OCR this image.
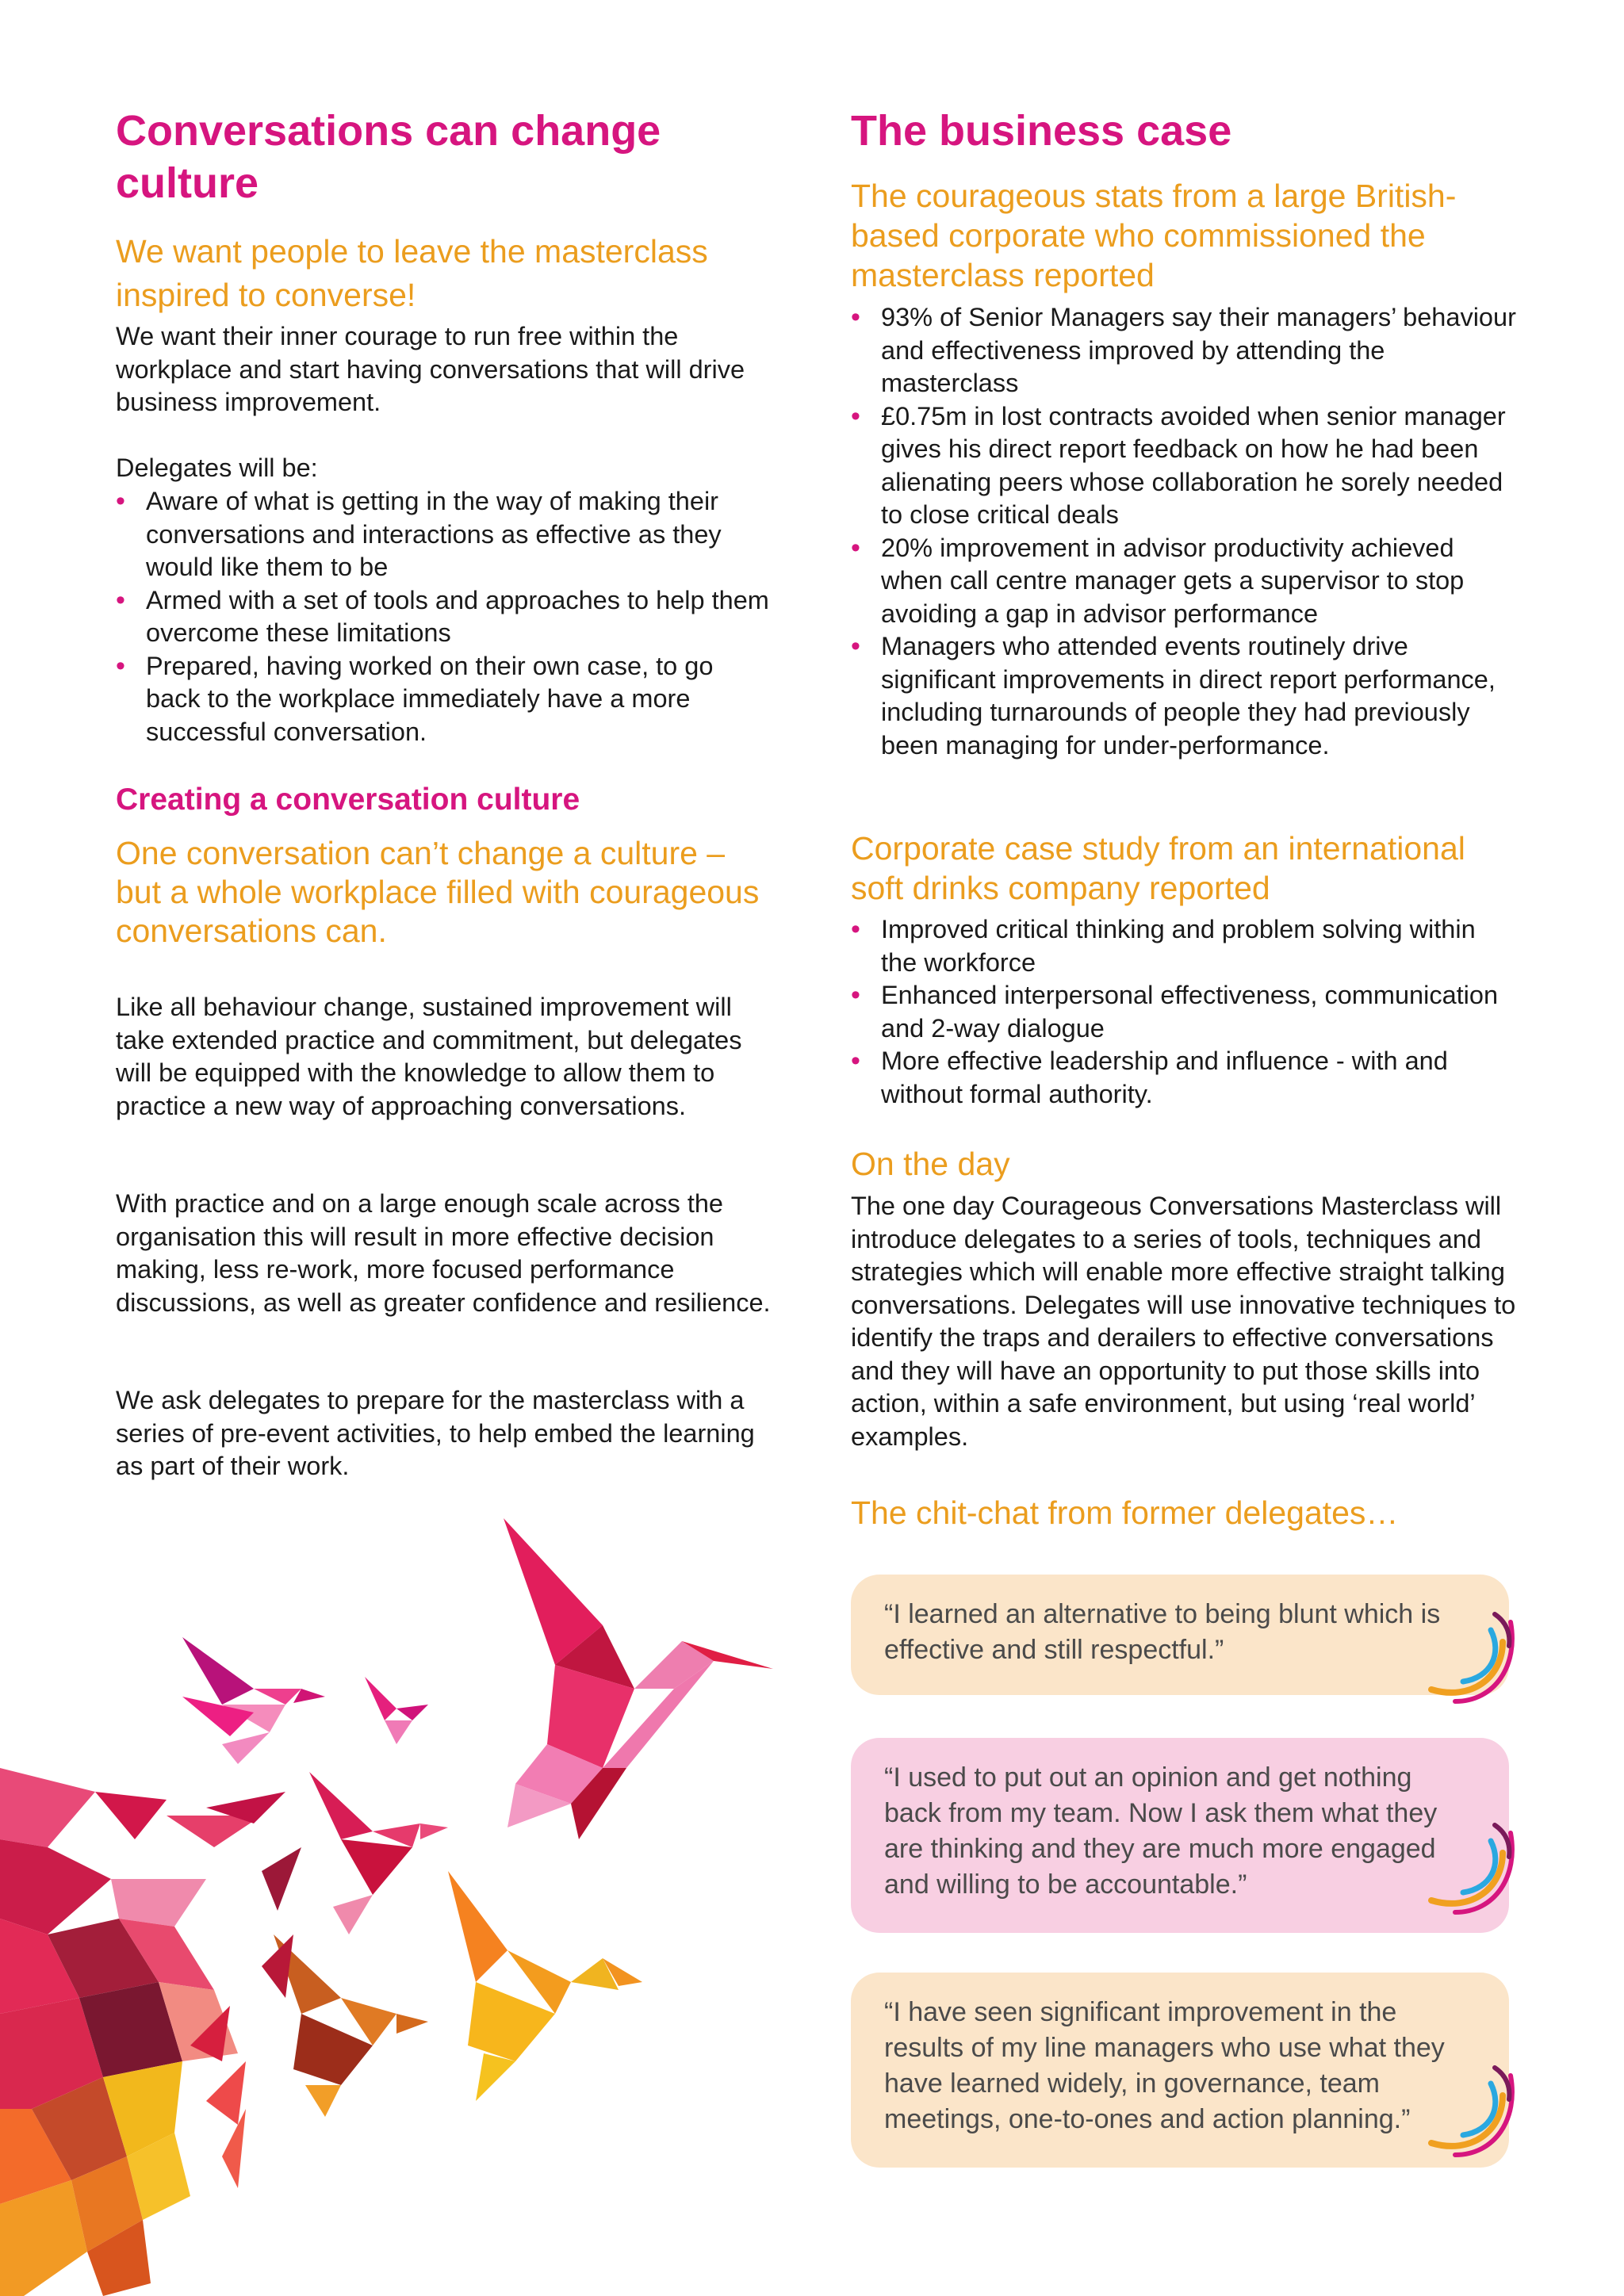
Conversations can change culture
We want people to leave the masterclass inspired to converse!

We want their inner courage to run free within the workplace and start having conversations that will drive business improvement.

Delegates will be:

• Aware of what is getting in the way of making their conversations and interactions as effective as they would like them to be
• Armed with a set of tools and approaches to help them overcome these limitations
• Prepared, having worked on their own case, to go back to the workplace immediately have a more successful conversation.
Creating a conversation culture
One conversation can’t change a culture – but a whole workplace filled with courageous conversations can.

Like all behaviour change, sustained improvement will take extended practice and commitment, but delegates will be equipped with the knowledge to allow them to practice a new way of approaching conversations.

With practice and on a large enough scale across the organisation this will result in more effective decision making, less re-work, more focused performance discussions, as well as greater confidence and resilience.

We ask delegates to prepare for the masterclass with a series of pre-event activities, to help embed the learning as part of their work.

The business case
The courageous stats from a large British-based corporate who commissioned the masterclass reported
• 93% of Senior Managers say their managers’ behaviour and effectiveness improved by attending the masterclass
• £0.75m in lost contracts avoided when senior manager gives his direct report feedback on how he had been alienating peers whose collaboration he sorely needed to close critical deals
• 20% improvement in advisor productivity achieved when call centre manager gets a supervisor to stop avoiding a gap in advisor performance
• Managers who attended events routinely drive significant improvements in direct report performance, including turnarounds of people they had previously been managing for under-performance.
Corporate case study from an international soft drinks company reported
• Improved critical thinking and problem solving within the workforce
• Enhanced interpersonal effectiveness, communication and 2-way dialogue
• More effective leadership and influence - with and without formal authority.
On the day

The one day Courageous Conversations Masterclass will introduce delegates to a series of tools, techniques and strategies which will enable more effective straight talking conversations. Delegates will use innovative techniques to identify the traps and derailers to effective conversations and they will have an opportunity to put those skills into action, within a safe environment, but using ‘real world’ examples.

The chit-chat from former delegates…

“I learned an alternative to being blunt which is effective and still respectful.”

“I used to put out an opinion and get nothing back from my team. Now I ask them what they are thinking and they are much more engaged and willing to be accountable.”

“I have seen significant improvement in the results of my line managers who use what they have learned widely, in governance, team meetings, one-to-ones and action planning.”
